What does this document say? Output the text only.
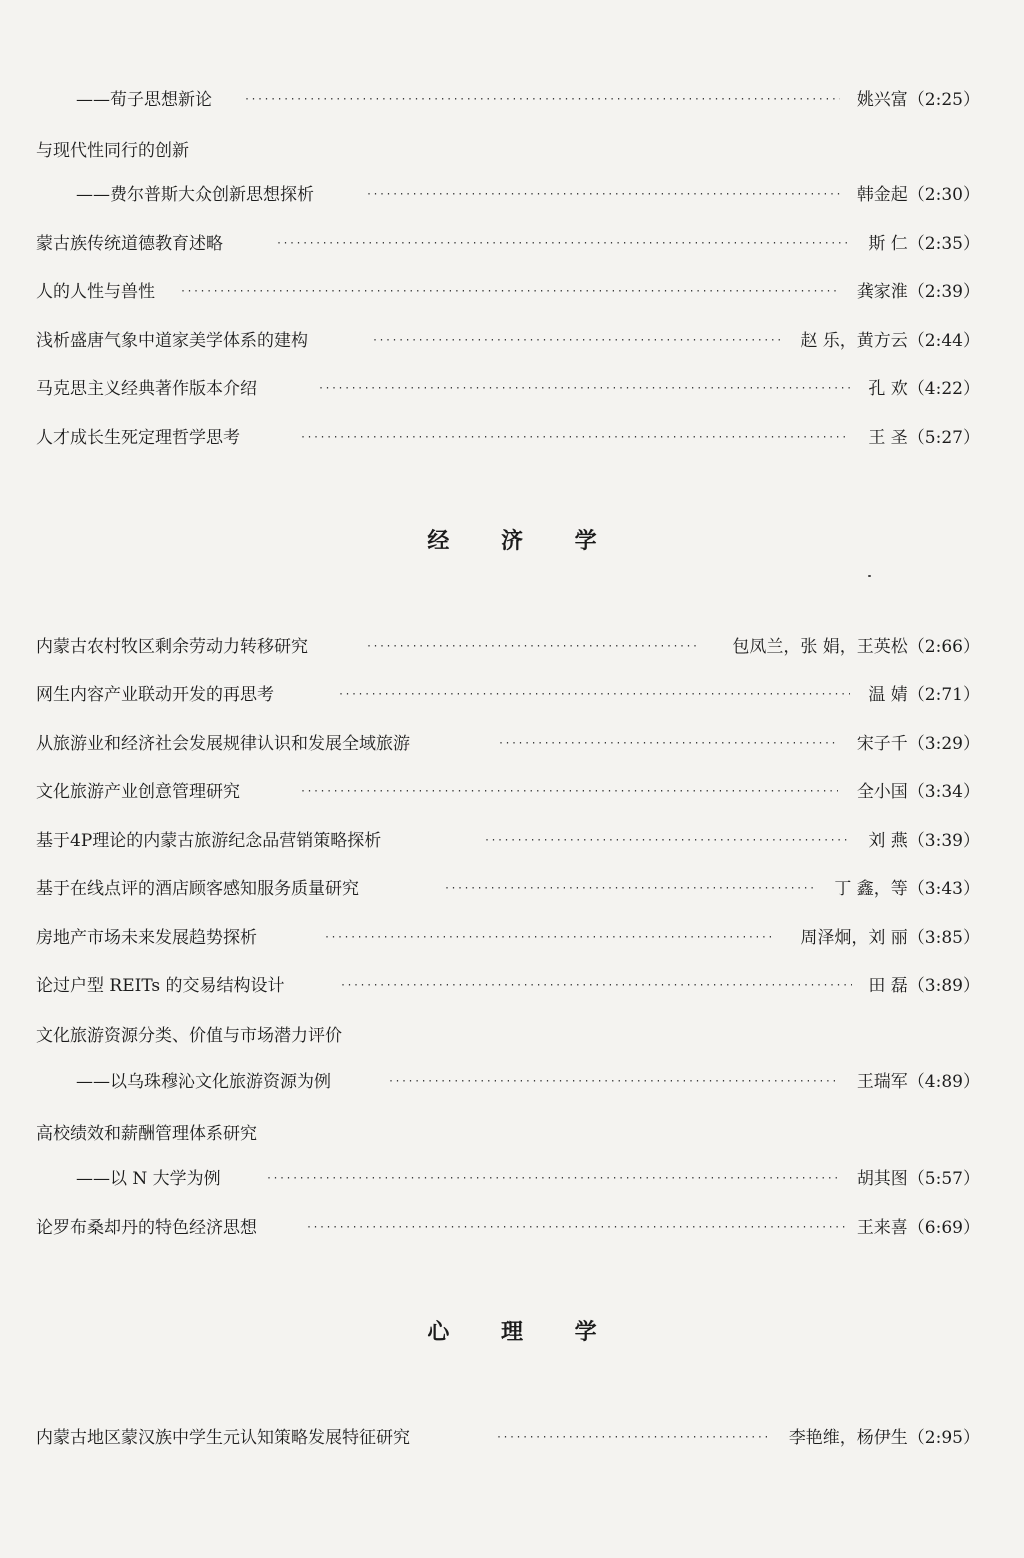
——荀子思想新论 ·····	姚兴富（2:25）
与现代性同行的创新
——费尔普斯大众创新思想探析 ·····	韩金起（2:30）
蒙古族传统道德教育述略 ·····	斯 仁（2:35）
人的人性与兽性 ·····	龚家淮（2:39）
浅析盛唐气象中道家美学体系的建构 ·····	赵 乐，黄方云（2:44）
马克思主义经典著作版本介绍 ·····	孔 欢（4:22）
人才成长生死定理哲学思考 ·····	王 圣（5:27）
经 济 学
内蒙古农村牧区剩余劳动力转移研究 ·····	包凤兰，张 娟，王英松（2:66）
网生内容产业联动开发的再思考 ·····	温 婧（2:71）
从旅游业和经济社会发展规律认识和发展全域旅游 ·····	宋子千（3:29）
文化旅游产业创意管理研究 ·····	全小国（3:34）
基于4P理论的内蒙古旅游纪念品营销策略探析 ·····	刘 燕（3:39）
基于在线点评的酒店顾客感知服务质量研究 ·····	丁 鑫，等（3:43）
房地产市场未来发展趋势探析 ·····	周泽炯，刘 丽（3:85）
论过户型 REITs 的交易结构设计 ·····	田 磊（3:89）
文化旅游资源分类、价值与市场潜力评价
——以乌珠穆沁文化旅游资源为例 ·····	王瑞军（4:89）
高校绩效和薪酬管理体系研究
——以 N 大学为例 ·····	胡其图（5:57）
论罗布桑却丹的特色经济思想 ·····	王来喜（6:69）
心 理 学
内蒙古地区蒙汉族中学生元认知策略发展特征研究 ·····	李艳维，杨伊生（2:95）
